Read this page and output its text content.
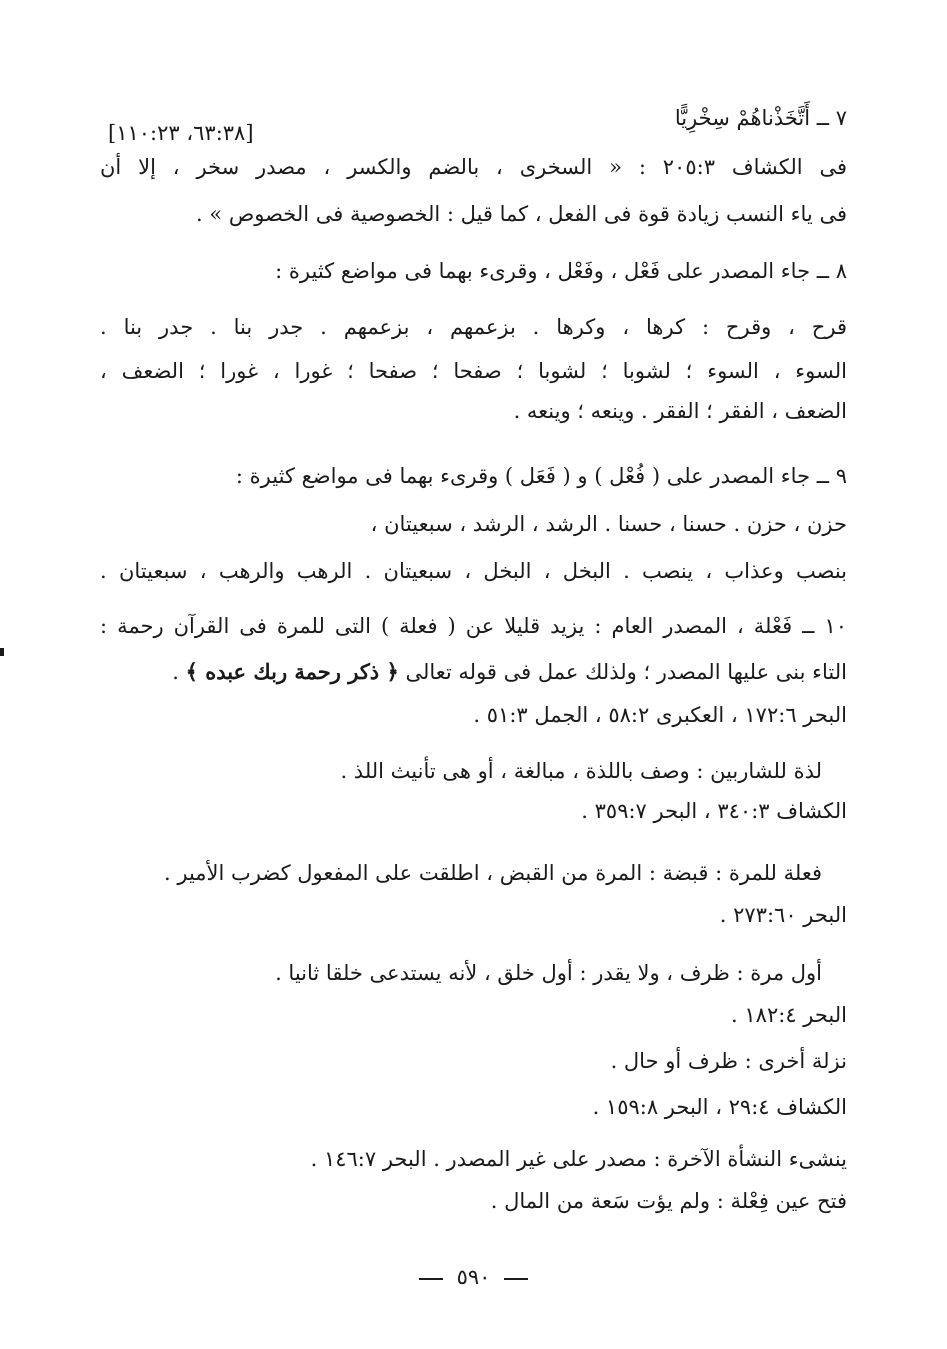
٧ ــ أَتَّخَذْناهُمْ سِخْرِيًّا
[٦٣:٣٨، ١١٠:٢٣]
فى الكشاف ٢٠٥:٣ : « السخرى ، بالضم والكسر ، مصدر سخر ، إلا أن
فى ياء النسب زيادة قوة فى الفعل ، كما قيل : الخصوصية فى الخصوص » .
٨ ــ جاء المصدر على فَعْل ، وفَعْل ، وقرىء بهما فى مواضع كثيرة :
قرح ، وقرح : كرها ، وكرها . بزعمهم ، بزعمهم . جدر بنا . جدر بنا .
السوء ، السوء ؛ لشوبا ؛ لشوبا ؛ صفحا ؛ صفحا ؛ غورا ، غورا ؛ الضعف ،
الضعف ، الفقر ؛ الفقر . وينعه ؛ وينعه .
٩ ــ جاء المصدر على ( فُعْل ) و ( فَعَل ) وقرىء بهما فى مواضع كثيرة :
حزن ، حزن . حسنا ، حسنا . الرشد ، الرشد ، سبعيتان ،
بنصب وعذاب ، ينصب . البخل ، البخل ، سبعيتان . الرهب والرهب ، سبعيتان .
١٠ ــ فَعْلة ، المصدر العام : يزيد قليلا عن ( فعلة ) التى للمرة فى القرآن رحمة :
التاء بنى عليها المصدر ؛ ولذلك عمل فى قوله تعالى ﴿ ذكر رحمة ربك عبده ﴾ .
البحر ١٧٢:٦ ، العكبرى ٥٨:٢ ، الجمل ٥١:٣ .
لذة للشاربين : وصف باللذة ، مبالغة ، أو هى تأنيث اللذ .
الكشاف ٣٤٠:٣ ، البحر ٣٥٩:٧ .
فعلة للمرة : قبضة : المرة من القبض ، اطلقت على المفعول كضرب الأمير .
البحر ٢٧٣:٦٠ .
أول مرة : ظرف ، ولا يقدر : أول خلق ، لأنه يستدعى خلقا ثانيا .
البحر ١٨٢:٤ .
نزلة أخرى : ظرف أو حال .
الكشاف ٢٩:٤ ، البحر ١٥٩:٨ .
ينشىء النشأة الآخرة : مصدر على غير المصدر . البحر ١٤٦:٧ .
فتح عين فِعْلة : ولم يؤت سَعة من المال .
٥٩٠
